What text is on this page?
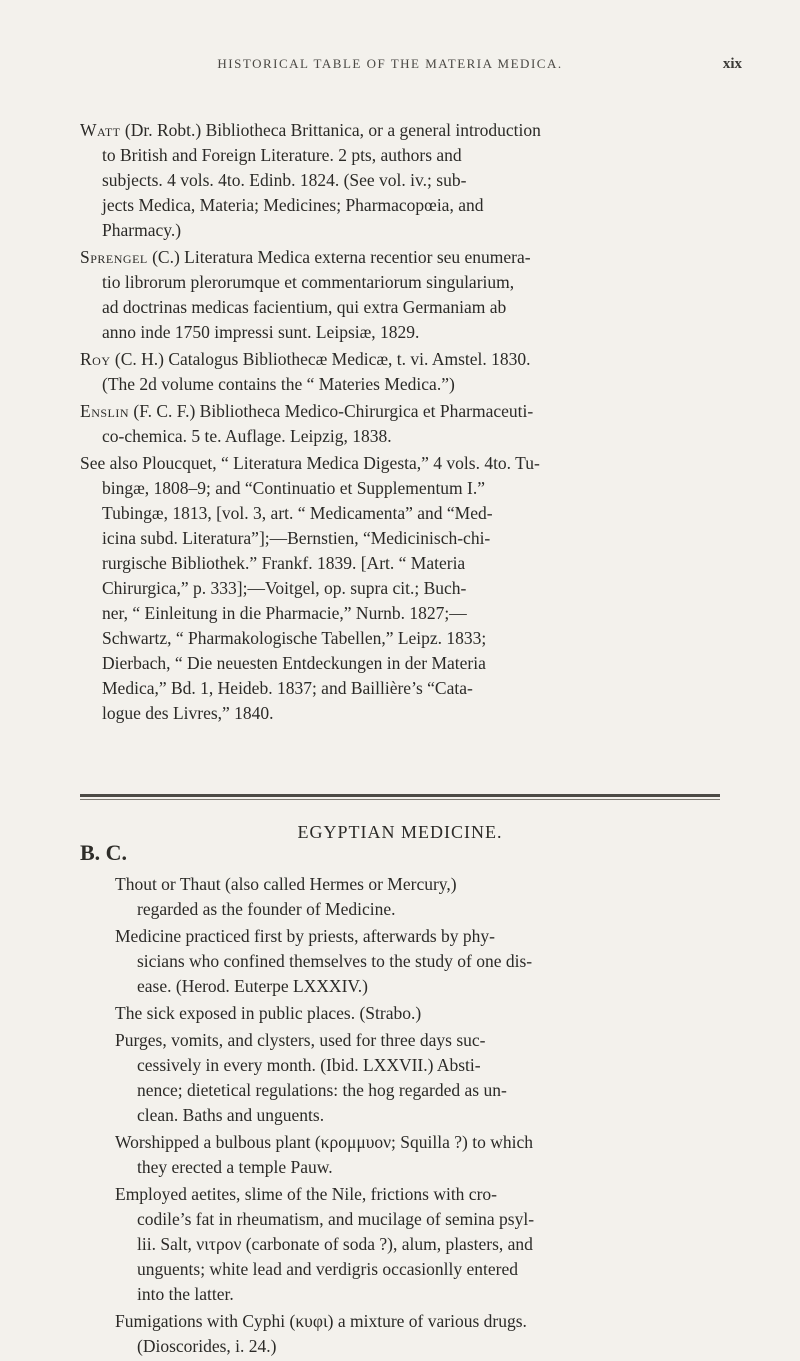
HISTORICAL TABLE OF THE MATERIA MEDICA.	xix
Watt (Dr. Robt.) Bibliotheca Brittanica, or a general introduction
to British and Foreign Literature. 2 pts, authors and
subjects. 4 vols. 4to. Edinb. 1824. (See vol. iv.; sub-
jects Medica, Materia; Medicines; Pharmacopœia, and
Pharmacy.)
Sprengel (C.) Literatura Medica externa recentior seu enumera-
tio librorum plerorumque et commentariorum singularium,
ad doctrinas medicas facientium, qui extra Germaniam ab
anno inde 1750 impressi sunt. Leipsiæ, 1829.
Roy (C. H.) Catalogus Bibliothecæ Medicæ, t. vi. Amstel. 1830.
(The 2d volume contains the “ Materies Medica.”)
Enslin (F. C. F.) Bibliotheca Medico-Chirurgica et Pharmaceuti-
co-chemica. 5 te. Auflage. Leipzig, 1838.
See also Ploucquet, “ Literatura Medica Digesta,” 4 vols. 4to. Tu-
bingæ, 1808–9; and “Continuatio et Supplementum I.”
Tubingæ, 1813, [vol. 3, art. “ Medicamenta” and “Med-
icina subd. Literatura”];—Bernstien, “Medicinisch-chi-
rurgische Bibliothek.” Frankf. 1839. [Art. “ Materia
Chirurgica,” p. 333];—Voitgel, op. supra cit.; Buch-
ner, “ Einleitung in die Pharmacie,” Nurnb. 1827;—
Schwartz, “ Pharmakologische Tabellen,” Leipz. 1833;
Dierbach, “ Die neuesten Entdeckungen in der Materia
Medica,” Bd. 1, Heideb. 1837; and Baillière’s “Cata-
logue des Livres,” 1840.
EGYPTIAN MEDICINE.
B. C.
Thout or Thaut (also called Hermes or Mercury,)
regarded as the founder of Medicine.
Medicine practiced first by priests, afterwards by phy-
sicians who confined themselves to the study of one dis-
ease. (Herod. Euterpe LXXXIV.)
The sick exposed in public places. (Strabo.)
Purges, vomits, and clysters, used for three days suc-
cessively in every month. (Ibid. LXXVII.) Absti-
nence; dietetical regulations: the hog regarded as un-
clean. Baths and unguents.
Worshipped a bulbous plant (κρομμυον; Squilla ?) to which
they erected a temple Pauw.
Employed aetites, slime of the Nile, frictions with cro-
codile’s fat in rheumatism, and mucilage of semina psyl-
lii. Salt, νιτρον (carbonate of soda ?), alum, plasters, and
unguents; white lead and verdigris occasionlly entered
into the latter.
Fumigations with Cyphi (κυφι) a mixture of various drugs.
(Dioscorides, i. 24.)
